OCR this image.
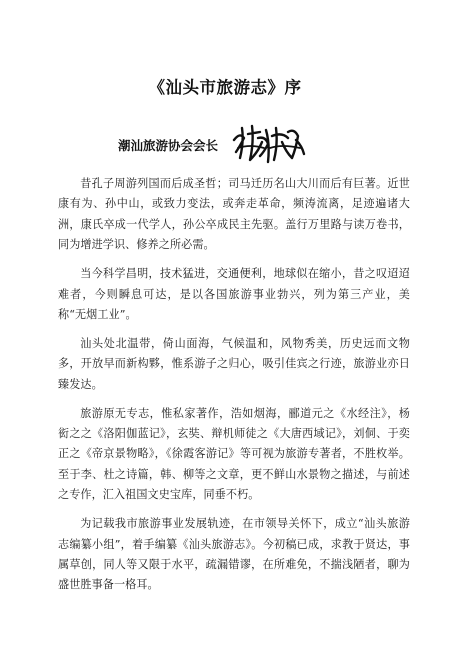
《汕头市旅游志》序
潮汕旅游协会会长

昔孔子周游列国而后成圣哲；司马迁历名山大川而后有巨著。近世康有为、孙中山，或致力变法，或奔走革命，频涛流离，足迹遍诸大洲，康氏卒成一代学人，孙公卒成民主先驱。盖行万里路与读万卷书，同为增进学识、修养之所必需。

当今科学昌明，技术猛进，交通便利，地球似在缩小，昔之叹迢迢难者，今则瞬息可达，是以各国旅游事业勃兴，列为第三产业，美称“无烟工业”。

汕头处北温带，倚山面海，气候温和，风物秀美，历史远而文物多，开放早而新构夥，惟系游子之归心，吸引佳宾之行迹，旅游业亦日臻发达。

旅游原无专志，惟私家著作，浩如烟海，郦道元之《水经注》，杨衒之之《洛阳伽蓝记》，玄奘、辩机师徒之《大唐西域记》，刘侗、于奕正之《帝京景物略》，《徐霞客游记》等可视为旅游专著者，不胜枚举。至于李、杜之诗篇，韩、柳等之文章，更不鲜山水景物之描述，与前述之专作，汇入祖国文史宝库，同垂不朽。

为记载我市旅游事业发展轨迹，在市领导关怀下，成立“汕头旅游志编纂小组”，着手编纂《汕头旅游志》。今初稿已成，求教于贤达，事属草创，同人等又限于水平，疏漏错谬，在所难免，不揣浅陋者，聊为盛世胜事备一格耳。
